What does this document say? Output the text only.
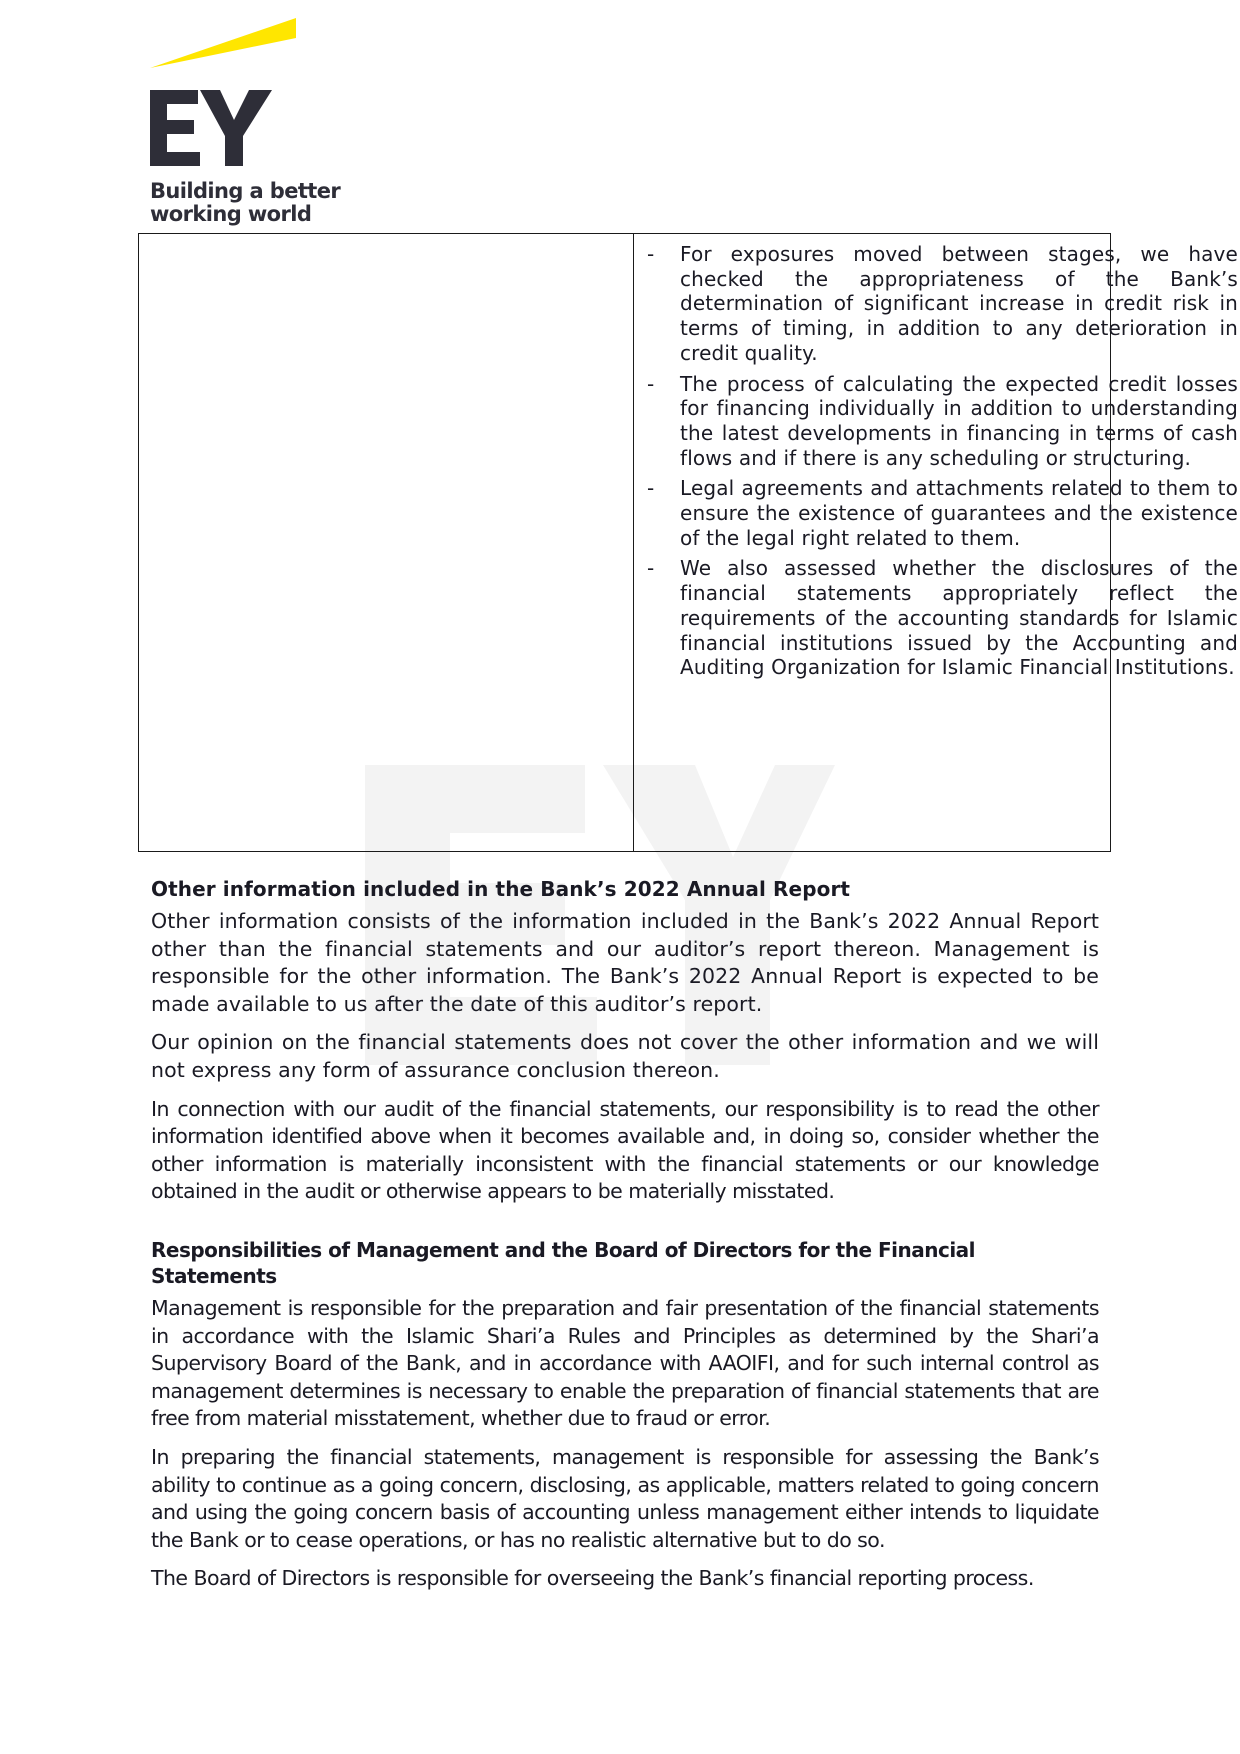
Building a better
working world
- For exposures moved between stages, we have checked the appropriateness of the Bank’s determination of significant increase in credit risk in terms of timing, in addition to any deterioration in credit quality.
- The process of calculating the expected credit losses for financing individually in addition to understanding the latest developments in financing in terms of cash flows and if there is any scheduling or structuring.
- Legal agreements and attachments related to them to ensure the existence of guarantees and the existence of the legal right related to them.
- We also assessed whether the disclosures of the financial statements appropriately reflect the requirements of the accounting standards for Islamic financial institutions issued by the Accounting and Auditing Organization for Islamic Financial Institutions.
Other information included in the Bank’s 2022 Annual Report

Other information consists of the information included in the Bank’s 2022 Annual Report other than the financial statements and our auditor’s report thereon. Management is responsible for the other information. The Bank’s 2022 Annual Report is expected to be made available to us after the date of this auditor’s report.

Our opinion on the financial statements does not cover the other information and we will not express any form of assurance conclusion thereon.

In connection with our audit of the financial statements, our responsibility is to read the other information identified above when it becomes available and, in doing so, consider whether the other information is materially inconsistent with the financial statements or our knowledge obtained in the audit or otherwise appears to be materially misstated.

Responsibilities of Management and the Board of Directors for the Financial Statements

Management is responsible for the preparation and fair presentation of the financial statements in accordance with the Islamic Shari’a Rules and Principles as determined by the Shari’a Supervisory Board of the Bank, and in accordance with AAOIFI, and for such internal control as management determines is necessary to enable the preparation of financial statements that are free from material misstatement, whether due to fraud or error.

In preparing the financial statements, management is responsible for assessing the Bank’s ability to continue as a going concern, disclosing, as applicable, matters related to going concern and using the going concern basis of accounting unless management either intends to liquidate the Bank or to cease operations, or has no realistic alternative but to do so.

The Board of Directors is responsible for overseeing the Bank’s financial reporting process.
